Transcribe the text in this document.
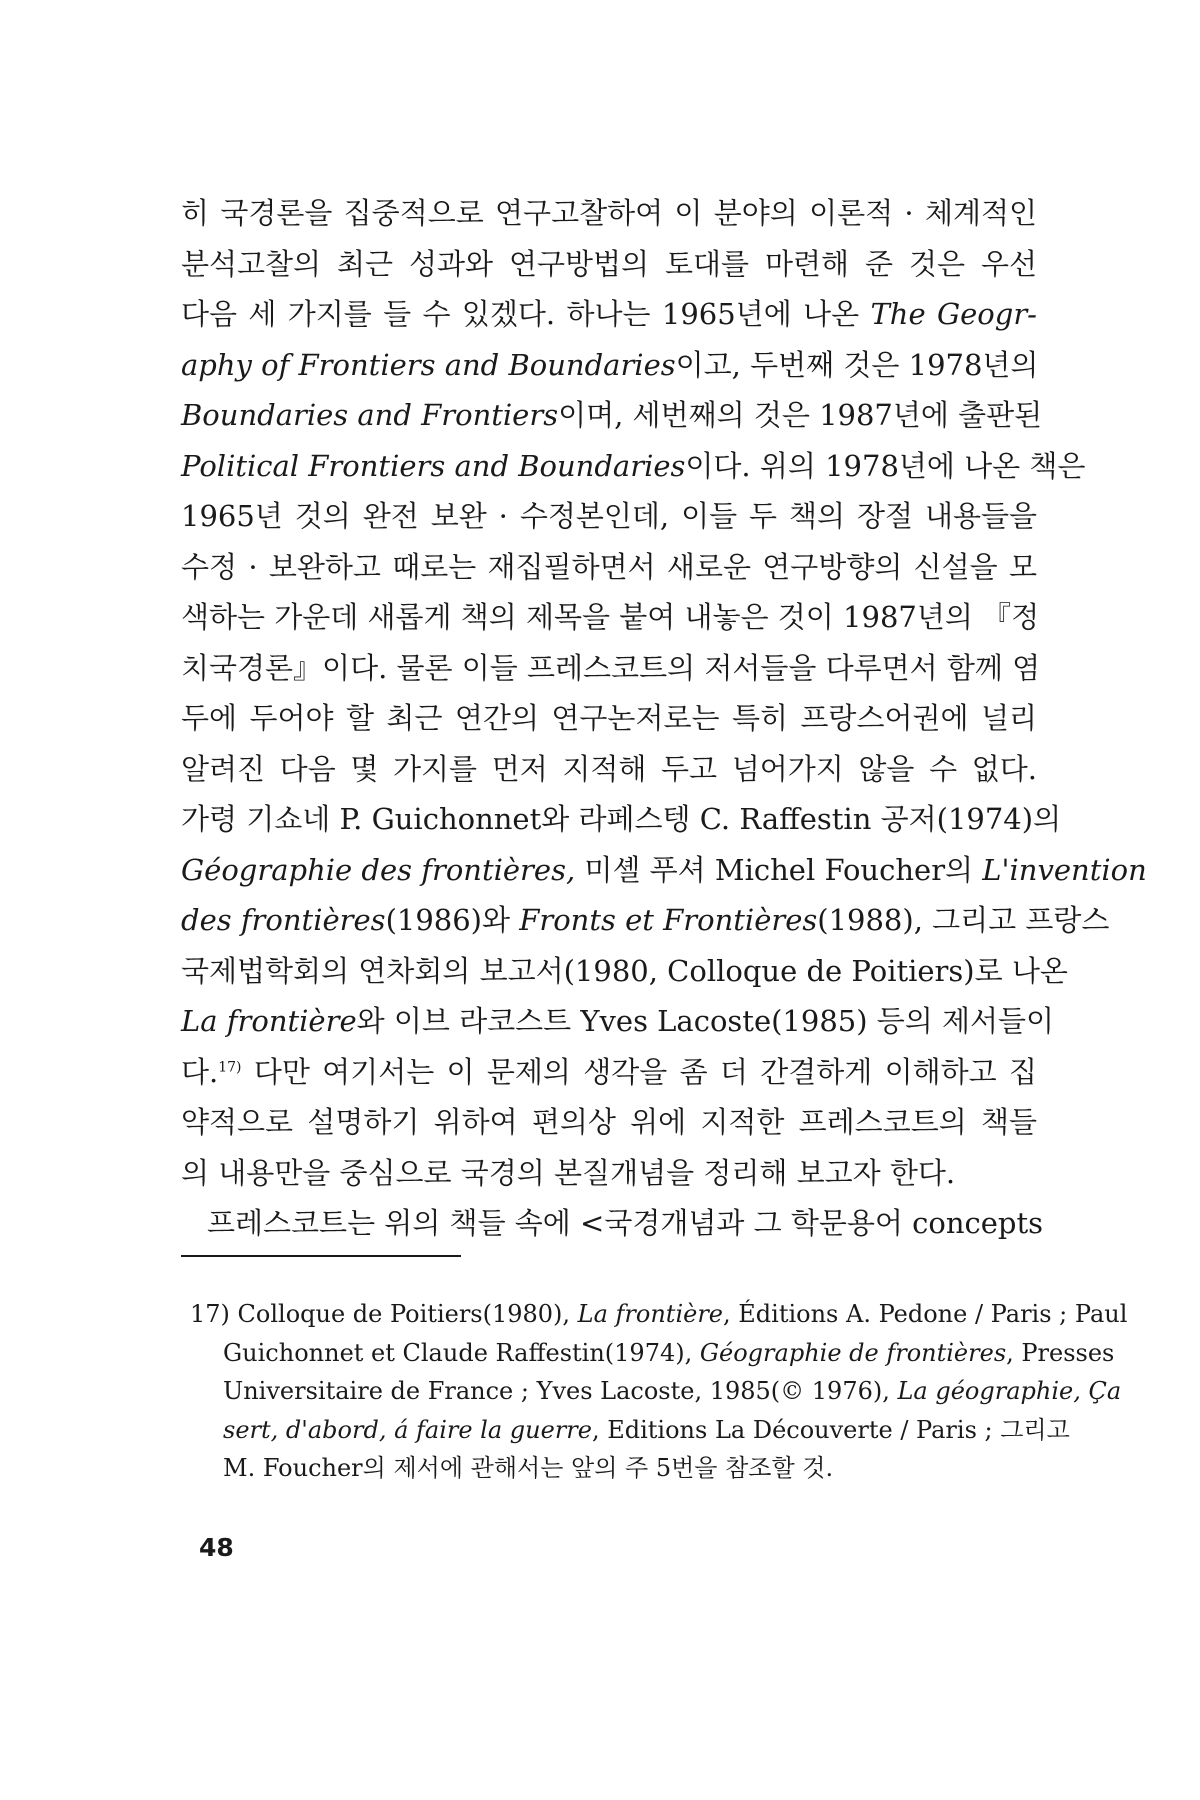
히 국경론을 집중적으로 연구고찰하여 이 분야의 이론적 · 체계적인
분석고찰의 최근 성과와 연구방법의 토대를 마련해 준 것은 우선
다음 세 가지를 들 수 있겠다. 하나는 1965년에 나온 The Geogr-
aphy of Frontiers and Boundaries이고, 두번째 것은 1978년의
Boundaries and Frontiers이며, 세번째의 것은 1987년에 출판된
Political Frontiers and Boundaries이다. 위의 1978년에 나온 책은
1965년 것의 완전 보완 · 수정본인데, 이들 두 책의 장절 내용들을
수정 · 보완하고 때로는 재집필하면서 새로운 연구방향의 신설을 모
색하는 가운데 새롭게 책의 제목을 붙여 내놓은 것이 1987년의 『정
치국경론』이다. 물론 이들 프레스코트의 저서들을 다루면서 함께 염
두에 두어야 할 최근 연간의 연구논저로는 특히 프랑스어권에 널리
알려진 다음 몇 가지를 먼저 지적해 두고 넘어가지 않을 수 없다.
가령 기쇼네 P. Guichonnet와 라페스텡 C. Raffestin 공저(1974)의
Géographie des frontières, 미셸 푸셔 Michel Foucher의 L'invention
des frontières(1986)와 Fronts et Frontières(1988), 그리고 프랑스
국제법학회의 연차회의 보고서(1980, Colloque de Poitiers)로 나온
La frontière와 이브 라코스트 Yves Lacoste(1985) 등의 제서들이
다.$^{17)}$ 다만 여기서는 이 문제의 생각을 좀 더 간결하게 이해하고 집
약적으로 설명하기 위하여 편의상 위에 지적한 프레스코트의 책들
의 내용만을 중심으로 국경의 본질개념을 정리해 보고자 한다.
프레스코트는 위의 책들 속에 <국경개념과 그 학문용어 concepts
17) Colloque de Poitiers(1980), La frontière, Éditions A. Pedone / Paris ; Paul
Guichonnet et Claude Raffestin(1974), Géographie de frontières, Presses
Universitaire de France ; Yves Lacoste, 1985(© 1976), La géographie, Ça
sert, d'abord, á faire la guerre, Editions La Découverte / Paris ; 그리고
M. Foucher의 제서에 관해서는 앞의 주 5번을 참조할 것.
48
